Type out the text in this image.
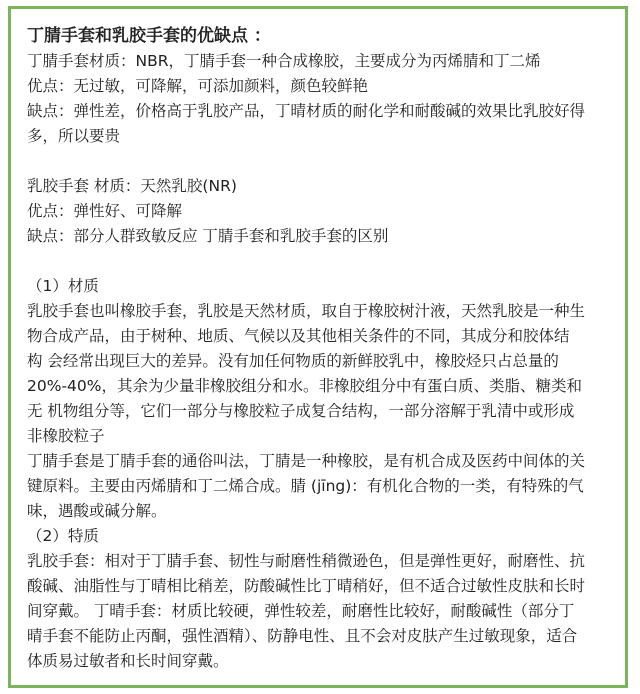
丁腈手套和乳胶手套的优缺点 ：
丁腈手套材质：NBR，丁腈手套一种合成橡胶，主要成分为丙烯腈和丁二烯
优点：无过敏，可降解，可添加颜料，颜色较鲜艳
缺点：弹性差，价格高于乳胶产品，丁晴材质的耐化学和耐酸碱的效果比乳胶好得
多，所以要贵
乳胶手套 材质：天然乳胶(NR)
优点：弹性好、可降解
缺点：部分人群致敏反应 丁腈手套和乳胶手套的区别
（1）材质
乳胶手套也叫橡胶手套，乳胶是天然材质，取自于橡胶树汁液，天然乳胶是一种生
物合成产品，由于树种、地质、气候以及其他相关条件的不同，其成分和胶体结
构 会经常出现巨大的差异。没有加任何物质的新鲜胶乳中，橡胶烃只占总量的
20%-40%，其余为少量非橡胶组分和水。非橡胶组分中有蛋白质、类脂、糖类和
无 机物组分等，它们一部分与橡胶粒子成复合结构，一部分溶解于乳清中或形成
非橡胶粒子
丁腈手套是丁腈手套的通俗叫法，丁腈是一种橡胶，是有机合成及医药中间体的关
键原料。主要由丙烯腈和丁二烯合成。腈 (jīng)：有机化合物的一类，有特殊的气
味，遇酸或碱分解。
（2）特质
乳胶手套：相对于丁腈手套、韧性与耐磨性稍微逊色，但是弹性更好，耐磨性、抗
酸碱、油脂性与丁晴相比稍差，防酸碱性比丁晴稍好，但不适合过敏性皮肤和长时
间穿戴。 丁晴手套：材质比较硬，弹性较差，耐磨性比较好，耐酸碱性（部分丁
晴手套不能防止丙酮，强性酒精）、防静电性、且不会对皮肤产生过敏现象，适合
体质易过敏者和长时间穿戴。
